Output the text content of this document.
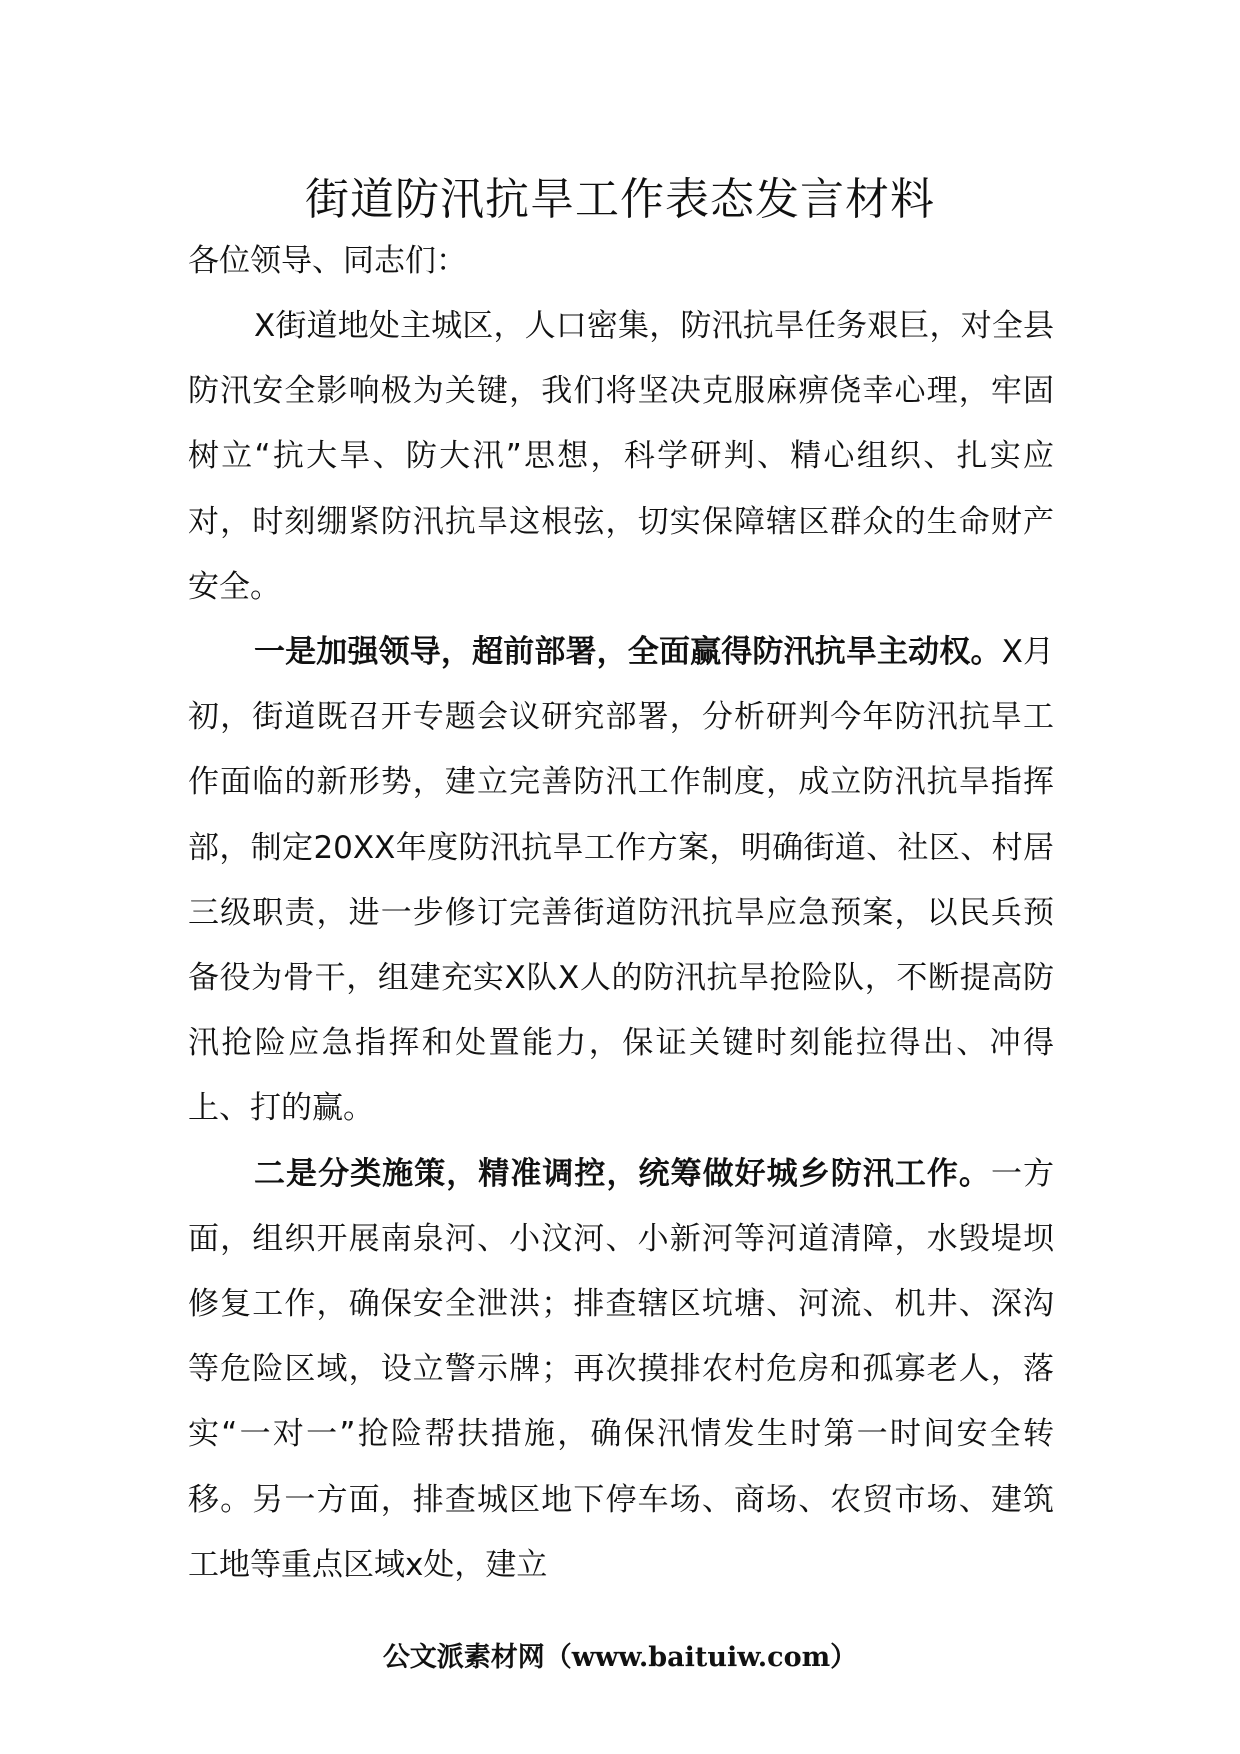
街道防汛抗旱工作表态发言材料

各位领导、同志们：

X街道地处主城区，人口密集，防汛抗旱任务艰巨，对全县防汛安全影响极为关键，我们将坚决克服麻痹侥幸心理，牢固树立“抗大旱、防大汛”思想，科学研判、精心组织、扎实应对，时刻绷紧防汛抗旱这根弦，切实保障辖区群众的生命财产安全。

一是加强领导，超前部署，全面赢得防汛抗旱主动权。X月初，街道既召开专题会议研究部署，分析研判今年防汛抗旱工作面临的新形势，建立完善防汛工作制度，成立防汛抗旱指挥部，制定20XX年度防汛抗旱工作方案，明确街道、社区、村居三级职责，进一步修订完善街道防汛抗旱应急预案，以民兵预备役为骨干，组建充实X队X人的防汛抗旱抢险队，不断提高防汛抢险应急指挥和处置能力，保证关键时刻能拉得出、冲得上、打的赢。

二是分类施策，精准调控，统筹做好城乡防汛工作。一方面，组织开展南泉河、小汶河、小新河等河道清障，水毁堤坝修复工作，确保安全泄洪；排查辖区坑塘、河流、机井、深沟等危险区域，设立警示牌；再次摸排农村危房和孤寡老人，落实“一对一”抢险帮扶措施，确保汛情发生时第一时间安全转移。另一方面，排查城区地下停车场、商场、农贸市场、建筑工地等重点区域x处，建立

公文派素材网（www.baituiw.com）
